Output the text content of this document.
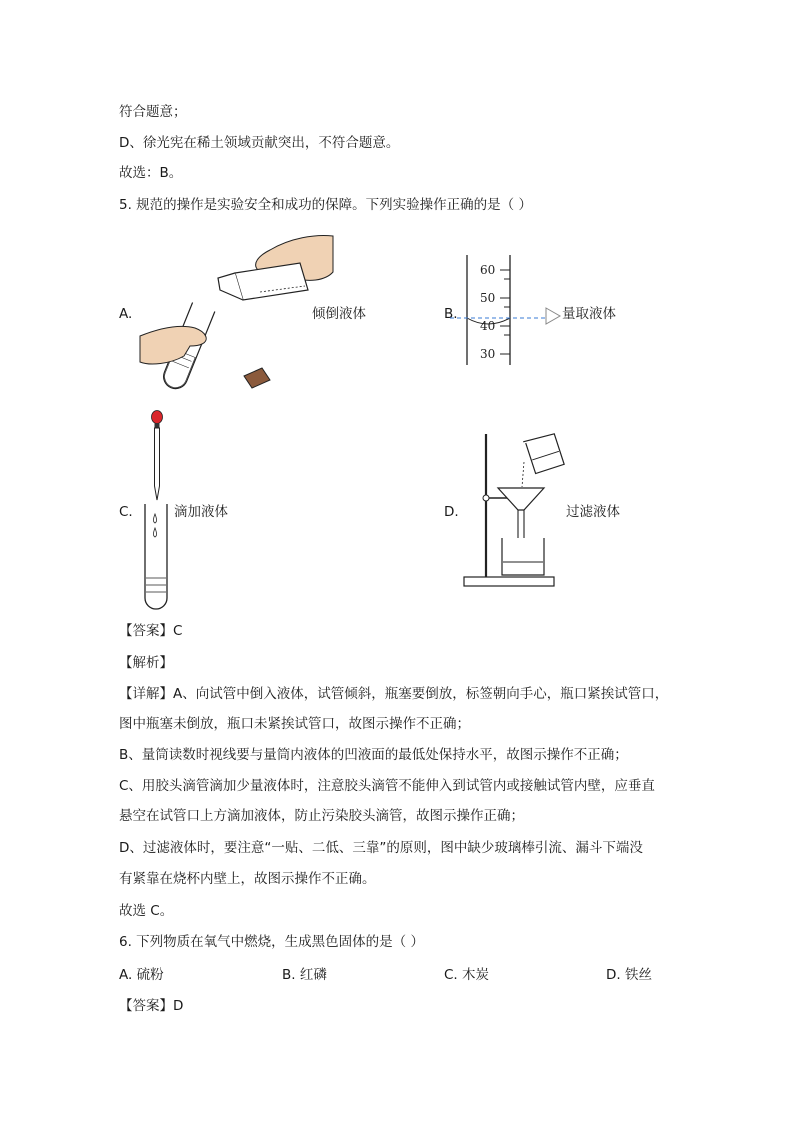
符合题意；
D、徐光宪在稀土领域贡献突出，不符合题意。
故选：B。
5. 规范的操作是实验安全和成功的保障。下列实验操作正确的是（ ）
A.	倾倒液体	B.
60
50
40
30
量取液体
C.	滴加液体	D.	过滤液体
【答案】C
【解析】
【详解】A、向试管中倒入液体，试管倾斜，瓶塞要倒放，标签朝向手心，瓶口紧挨试管口，
图中瓶塞未倒放，瓶口未紧挨试管口，故图示操作不正确；
B、量筒读数时视线要与量筒内液体的凹液面的最低处保持水平，故图示操作不正确；
C、用胶头滴管滴加少量液体时，注意胶头滴管不能伸入到试管内或接触试管内壁，应垂直
悬空在试管口上方滴加液体，防止污染胶头滴管，故图示操作正确；
D、过滤液体时，要注意“一贴、二低、三靠”的原则，图中缺少玻璃棒引流、漏斗下端没
有紧靠在烧杯内壁上，故图示操作不正确。
故选 C。
6. 下列物质在氧气中燃烧，生成黑色固体的是（ ）
A. 硫粉	B. 红磷	C. 木炭	D. 铁丝
【答案】D
